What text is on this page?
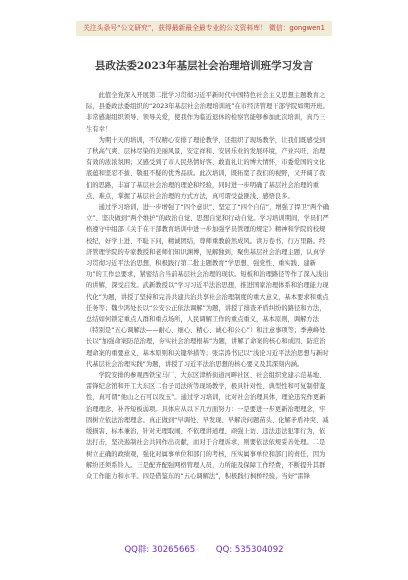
关注头条号“公文研究”，获得最新最全最专业的公文资料库！ 微信：gongwen1
县政法委2023年基层社会治理培训班学习发言

此值全党深入开展第二批学习贯彻习近平新时代中国特色社会主义思想主题教育之际，县委政法委组织的“2023年基层社会治理培训班”在市经济管理干部学院如期开班。非常感谢组织领导、领导关爱，使我作为临近退休的检察官能够参加此次培训，真乃三生有幸！

为期十天的培训，不仅精心安排了理论教学，还组织了现场教学，让我们既感受到了秋高气爽、层林尽染的美丽风景，安定祥和、安居乐业的发展环境，产业兴旺、治理有效的浓浓氛围；又感受到了市人民热情好客、敢直礼让的博大情怀，市委爱国的文化底蕴和坚忍不拔、敬祖不疑的优秀品质。此次培训，既拓宽了我们的视野，又开阔了我们的思路，丰富了基层社会治理的理论和经验，同时进一步明确了基层社会治理的重点、难点，掌握了基层社会治理的方式方法，真可谓受益匪浅、感悟良多。

通过学习培训，进一步增强了“四个意识”、坚定了“四个自信”，增强了捍卫“两个确立”、坚决做到“两个维护”的政治自觉、思想自觉和行动自觉。学习培训期间，学员们严格遵守中组部《关于在干部教育培训中进一步加强学员管理的规定》精神和学院的校规校纪，好学上进、不耻下问，精诚团结，尊师重教蔚然成风。读万卷书，行万里路。经济管理学院的专家教授和老师们知识渊博，见解独到，聚焦基层社会治理主题，认真学习贯彻习近平法治思想，积极践行第二批主题教育“学思想、强党性、重实践、建新功”的工作总要求，紧密结合当前基层社会治理的现状。短板和治理路径等作了深入浅出的讲解，深受启发。武新教授以“学习习近平法治思想，推进国家治理体系和治理能力现代化”为题，讲授了坚持和完善共建共治共享社会治理制度的重大意义，基本要求和重点任务等；魏少鸿处长以“公安公正依法调解”为题，讲授了排查矛盾纠纷的路径和方法，总结如何锁定重点人群和重点场所，人民调解工作的重点重义，基本原则，调解方法（特别是“五心调解法——耐心、细心、精心、诚心和公心”）和注意事项等；季燕峰处长以“加强命案防范治理，夯实社会治理根基”为题，讲解了命案的核心和成因、防范治理命案的重要意义、基本原则和关键举措等；张宗涛书记以“浅论习近平法治思想与新时代基层社会治理实践”为题，讲授了习近平法治思想的核心要义及其深刻内涵。

学院安排的参观西铁宝马厂、大东区津桥街道河畔社区、社会组织党建示范基地、雷锋纪念馆和开工大东区二台子司法所等现场教学，极具针对性、典型性和可复制借鉴性，真可谓“他山之石可以攻玉”。通过学习培训，比对社会治理具体，理论迅究作更新治理理念、补齐短板弱项。具体应从以下几方面努力：一是要进一步更新治理理念，牢固树立依法治理理念。真正做到“早调处、早发现、早解决问题苗头、化解矛盾冲突、减缓损害、标本兼治，针对无理取闹、不依理讲道理、顽强上访、违法违法犯罪行为，依法打击，坚决遏制社会共同作出贡献，而对于合理诉求，则要依法依规妥善处理。二是树立正确的政绩观，强化对属事单位和部门的考核，压实属事单位和部门的责任，因为解纷还须系铃人。三是配齐配强网格管理人员，力所能及保障工作经费，不断提升其群众工作能力和水平。四是借鉴东的“五心调解法”，积极践行枫桥经验，当好“雷锋

QQ群: 30265665 QQ: 535304092
